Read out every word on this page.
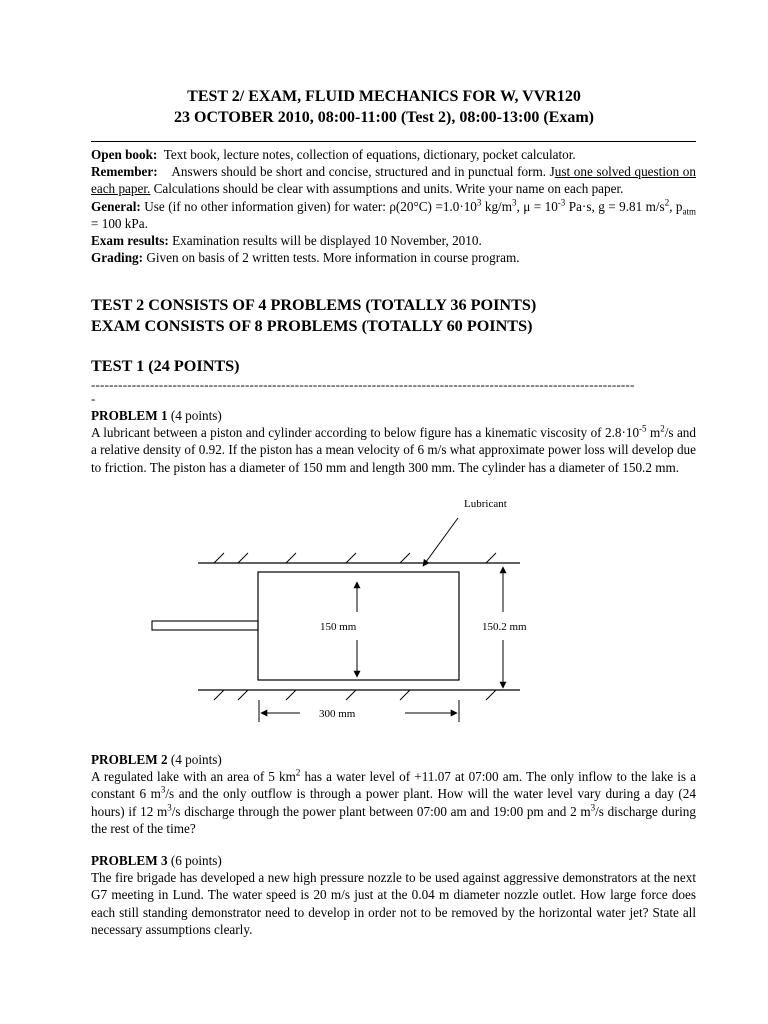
TEST 2/ EXAM, FLUID MECHANICS FOR W, VVR120
23 OCTOBER 2010, 08:00-11:00 (Test 2), 08:00-13:00 (Exam)

Open book: Text book, lecture notes, collection of equations, dictionary, pocket calculator.

Remember: Answers should be short and concise, structured and in punctual form. Just one solved question on each paper. Calculations should be clear with assumptions and units. Write your name on each paper.

General: Use (if no other information given) for water: $\rho(20^\circ C) =1.0\cdot 10^3$ $kg/m^3$, $\mu = 10^{-3}$ Pa·s, g = 9.81 $m/s^2$, $p_{atm} = 100$ kPa.

Exam results: Examination results will be displayed 10 November, 2010.

Grading: Given on basis of 2 written tests. More information in course program.

TEST 2 CONSISTS OF 4 PROBLEMS (TOTALLY 36 POINTS)
EXAM CONSISTS OF 8 PROBLEMS (TOTALLY 60 POINTS)
TEST 1 (24 POINTS)
------------------------------------------------------------------------------------------------------------------------
-

PROBLEM 1 (4 points)

A lubricant between a piston and cylinder according to below figure has a kinematic viscosity of $2.8\cdot 10^{-5}$ $m^2/s$ and a relative density of 0.92. If the piston has a mean velocity of 6 m/s what approximate power loss will develop due to friction. The piston has a diameter of 150 mm and length 300 mm. The cylinder has a diameter of 150.2 mm.

Lubricant
150 mm	150.2 mm
300 mm

PROBLEM 2 (4 points)

A regulated lake with an area of 5 $km^2$ has a water level of +11.07 at 07:00 am. The only inflow to the lake is a constant 6 $m^3/s$ and the only outflow is through a power plant. How will the water level vary during a day (24 hours) if 12 $m^3/s$ discharge through the power plant between 07:00 am and 19:00 pm and 2 $m^3/s$ discharge during the rest of the time?

PROBLEM 3 (6 points)

The fire brigade has developed a new high pressure nozzle to be used against aggressive demonstrators at the next G7 meeting in Lund. The water speed is 20 m/s just at the 0.04 m diameter nozzle outlet. How large force does each still standing demonstrator need to develop in order not to be removed by the horizontal water jet? State all necessary assumptions clearly.
